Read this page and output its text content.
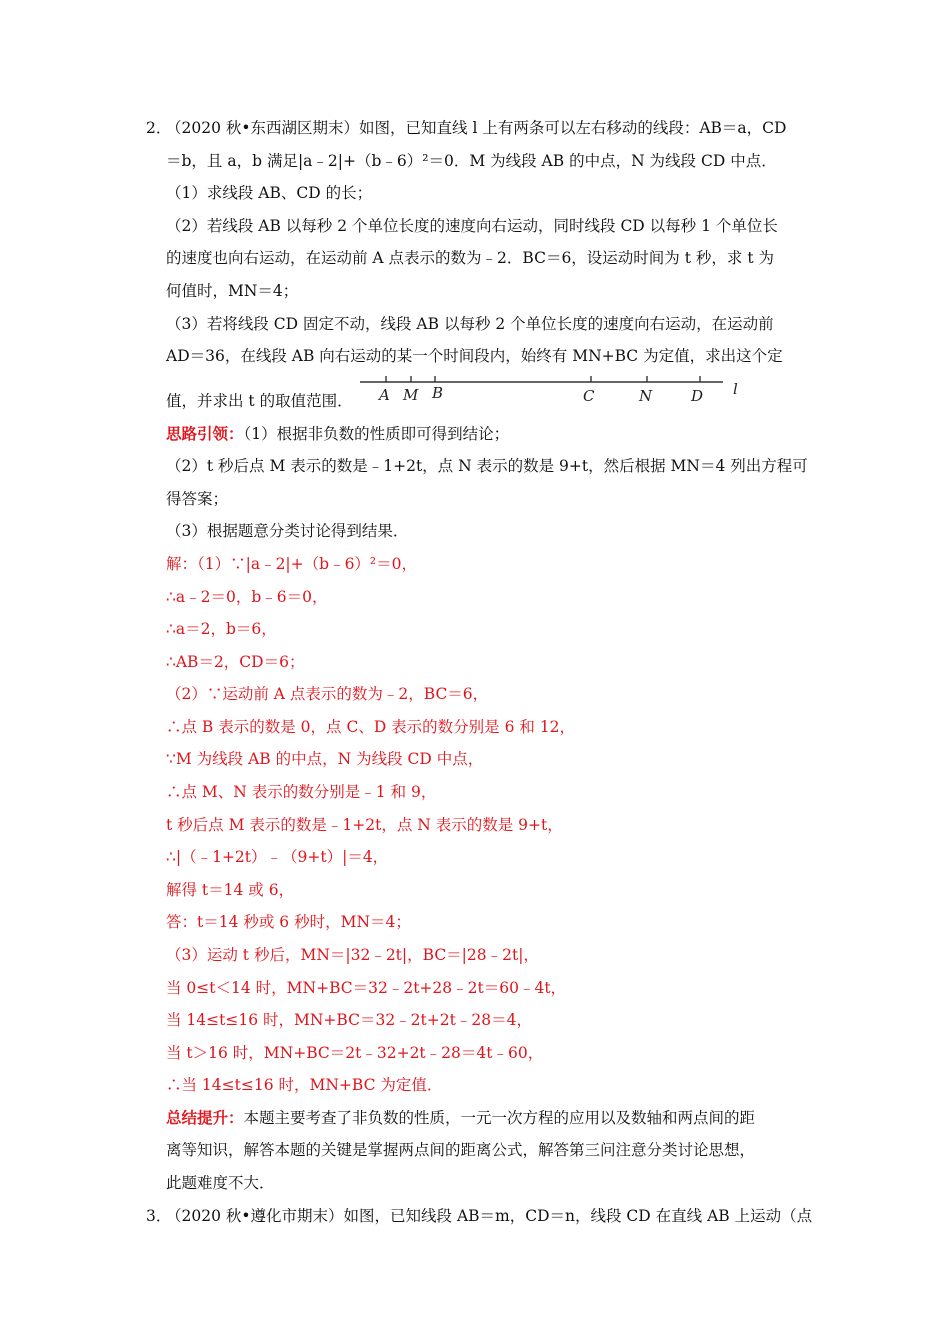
2．
（2020 秋•东西湖区期末）如图，已知直线 l 上有两条可以左右移动的线段：AB＝a，CD
＝b，且 a，b 满足|a﹣2|+（b﹣6）²＝0．M 为线段 AB 的中点，N 为线段 CD 中点．
（1）求线段 AB、CD 的长；
（2）若线段 AB 以每秒 2 个单位长度的速度向右运动，同时线段 CD 以每秒 1 个单位长
的速度也向右运动，在运动前 A 点表示的数为﹣2．BC＝6，设运动时间为 t 秒，求 t 为
何值时，MN＝4；
（3）若将线段 CD 固定不动，线段 AB 以每秒 2 个单位长度的速度向右运动，在运动前
AD＝36，在线段 AB 向右运动的某一个时间段内，始终有 MN+BC 为定值，求出这个定
值，并求出 t 的取值范围． A M B	C	N	D l
思路引领：（1）根据非负数的性质即可得到结论；
（2）t 秒后点 M 表示的数是﹣1+2t，点 N 表示的数是 9+t，然后根据 MN＝4 列出方程可
得答案；
（3）根据题意分类讨论得到结果．
解：（1）∵|a﹣2|+（b﹣6）²＝0，
∴a﹣2＝0，b﹣6＝0，
∴a＝2，b＝6，
∴AB＝2，CD＝6；
（2）∵运动前 A 点表示的数为﹣2，BC＝6，
∴点 B 表示的数是 0，点 C、D 表示的数分别是 6 和 12，
∵M 为线段 AB 的中点，N 为线段 CD 中点，
∴点 M、N 表示的数分别是﹣1 和 9，
t 秒后点 M 表示的数是﹣1+2t，点 N 表示的数是 9+t，
∴|（﹣1+2t）﹣（9+t）|＝4，
解得 t＝14 或 6，
答：t＝14 秒或 6 秒时，MN＝4；
（3）运动 t 秒后，MN＝|32﹣2t|，BC＝|28﹣2t|，
当 0≤t＜14 时，MN+BC＝32﹣2t+28﹣2t＝60﹣4t，
当 14≤t≤16 时，MN+BC＝32﹣2t+2t﹣28＝4，
当 t＞16 时，MN+BC＝2t﹣32+2t﹣28＝4t﹣60，
∴当 14≤t≤16 时，MN+BC 为定值．
总结提升：本题主要考查了非负数的性质，一元一次方程的应用以及数轴和两点间的距
离等知识，解答本题的关键是掌握两点间的距离公式，解答第三问注意分类讨论思想，
此题难度不大．
3．
（2020 秋•遵化市期末）如图，已知线段 AB＝m，CD＝n，线段 CD 在直线 AB 上运动（点
